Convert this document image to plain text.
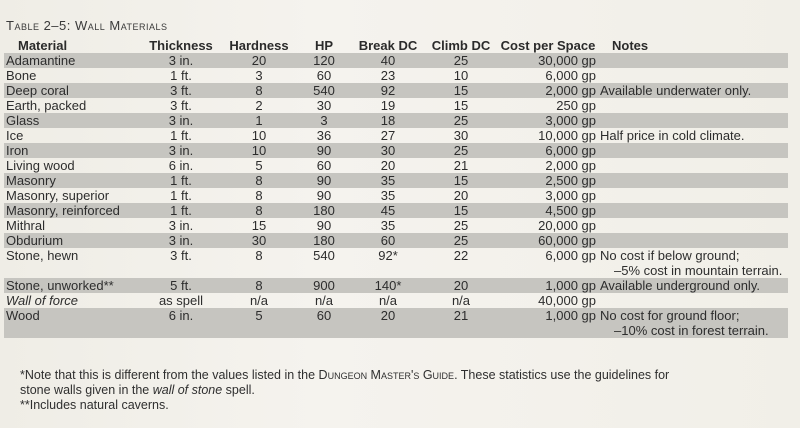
Table 2–5: Wall Materials
Material	Thickness	Hardness	HP	Break DC	Climb DC	Cost per Space	Notes
Adamantine	3 in.	20	120	40	25	30,000 gp	
Bone	1 ft.	3	60	23	10	6,000 gp	
Deep coral	3 ft.	8	540	92	15	2,000 gp	Available underwater only.
Earth, packed	3 ft.	2	30	19	15	250 gp	
Glass	3 in.	1	3	18	25	3,000 gp	
Ice	1 ft.	10	36	27	30	10,000 gp	Half price in cold climate.
Iron	3 in.	10	90	30	25	6,000 gp	
Living wood	6 in.	5	60	20	21	2,000 gp	
Masonry	1 ft.	8	90	35	15	2,500 gp	
Masonry, superior	1 ft.	8	90	35	20	3,000 gp	
Masonry, reinforced	1 ft.	8	180	45	15	4,500 gp	
Mithral	3 in.	15	90	35	25	20,000 gp	
Obdurium	3 in.	30	180	60	25	60,000 gp	
Stone, hewn	3 ft.	8	540	92*	22	6,000 gp	No cost if below ground;
–5% cost in mountain terrain.

Stone, unworked**	5 ft.	8	900	140*	20	1,000 gp	Available underground only.
Wall of force	as spell	n/a	n/a	n/a	n/a	40,000 gp	
Wood	6 in.	5	60	20	21	1,000 gp	No cost for ground floor;
–10% cost in forest terrain.
*Note that this is different from the values listed in the Dungeon Master's Guide. These statistics use the guidelines for
stone walls given in the wall of stone spell.
**Includes natural caverns.
